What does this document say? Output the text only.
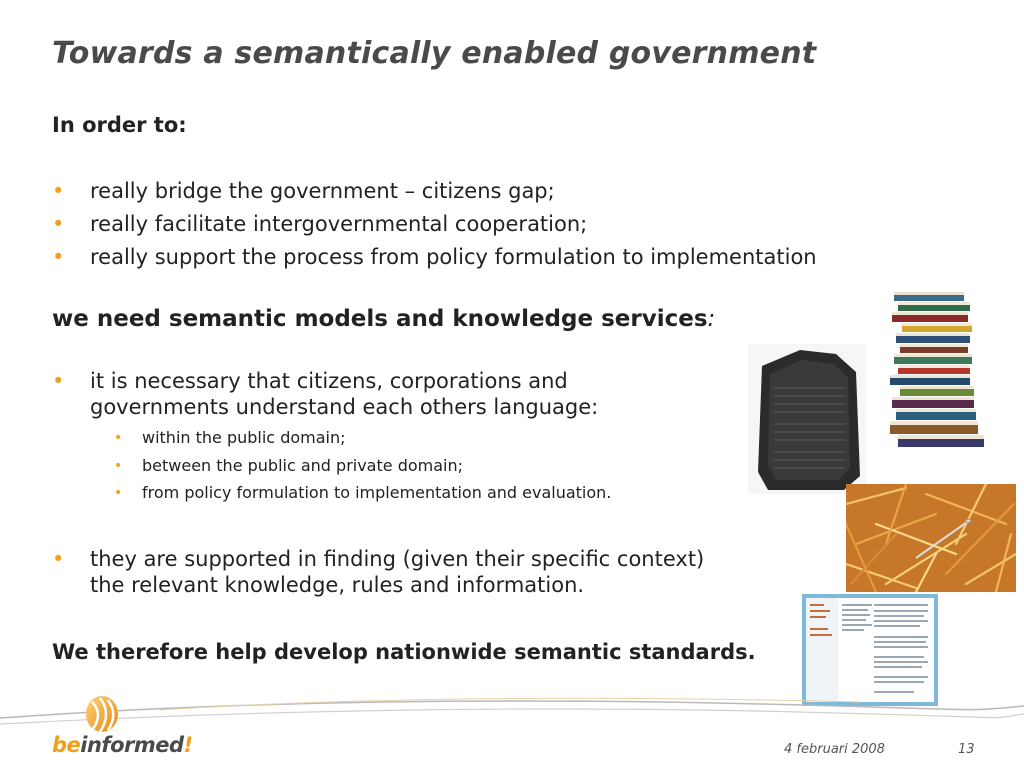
Towards a semantically enabled government
In order to:
• really bridge the government – citizens gap;
• really facilitate intergovernmental cooperation;
• really support the process from policy formulation to implementation
we need semantic models and knowledge services:
• it is necessary that citizens, corporations and
governments understand each others language:
• within the public domain;
• between the public and private domain;
• from policy formulation to implementation and evaluation.
• they are supported in finding (given their specific context)
the relevant knowledge, rules and information.
We therefore help develop nationwide semantic standards.
beinformed!	4 februari 2008	13
